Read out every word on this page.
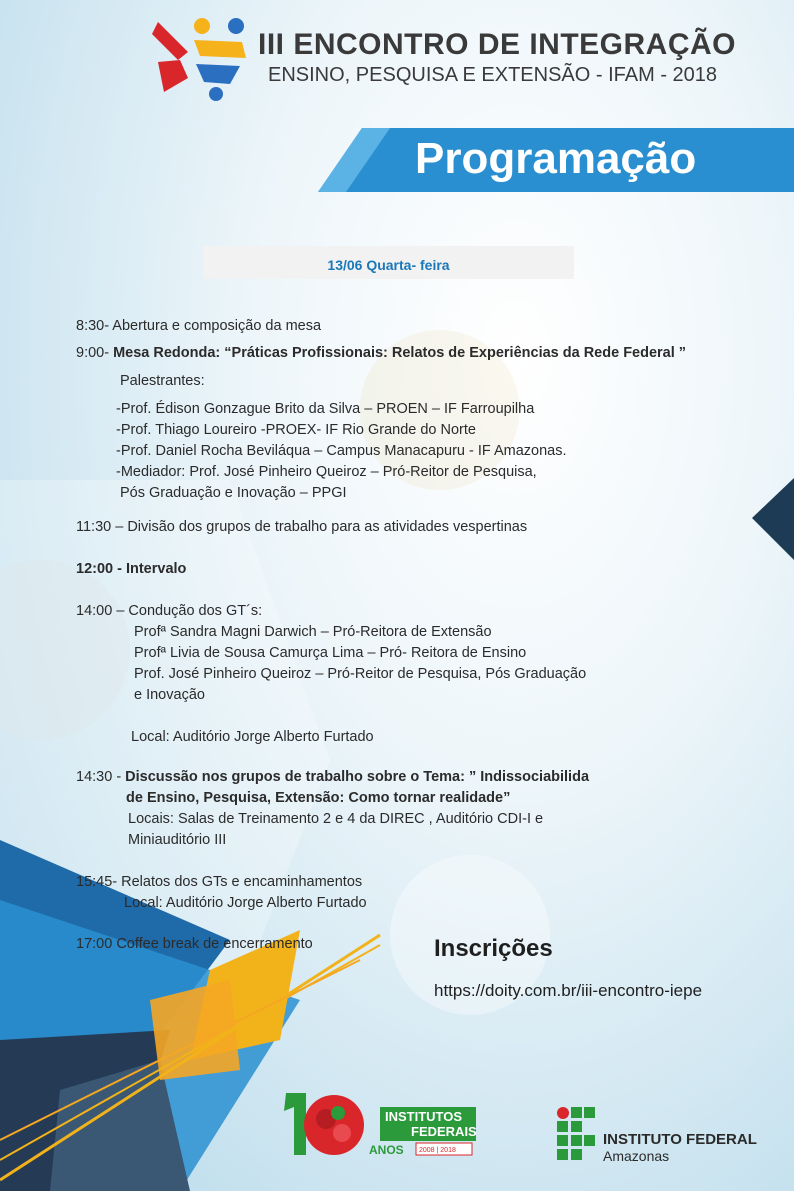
III ENCONTRO DE INTEGRAÇÃO
ENSINO, PESQUISA E EXTENSÃO - IFAM - 2018
Programação
13/06 Quarta- feira
8:30- Abertura e composição da mesa
9:00- Mesa Redonda: “Práticas Profissionais: Relatos de Experiências da Rede Federal ”
Palestrantes:
-Prof. Édison Gonzague Brito da Silva – PROEN – IF Farroupilha
-Prof. Thiago Loureiro -PROEX- IF Rio Grande do Norte
-Prof. Daniel Rocha Beviláqua – Campus Manacapuru - IF Amazonas.
-Mediador: Prof. José Pinheiro Queiroz – Pró-Reitor de Pesquisa,
Pós Graduação e Inovação – PPGI
11:30 – Divisão dos grupos de trabalho para as atividades vespertinas
12:00 - Intervalo
14:00 – Condução dos GT´s:
Profª Sandra Magni Darwich – Pró-Reitora de Extensão
Profª Livia de Sousa Camurça Lima – Pró- Reitora de Ensino
Prof. José Pinheiro Queiroz – Pró-Reitor de Pesquisa, Pós Graduação
e Inovação
Local: Auditório Jorge Alberto Furtado
14:30 - Discussão nos grupos de trabalho sobre o Tema: ” Indissociabilida
de Ensino, Pesquisa, Extensão: Como tornar realidade”
Locais: Salas de Treinamento 2 e 4 da DIREC , Auditório CDI-I e
Miniauditório III
15:45- Relatos dos GTs e encaminhamentos
Local: Auditório Jorge Alberto Furtado
17:00 Coffee break de encerramento	Inscrições
https://doity.com.br/iii-encontro-iepe
INSTITUTOS
FEDERAIS
ANOS 2008 | 2018
INSTITUTO FEDERAL
Amazonas
